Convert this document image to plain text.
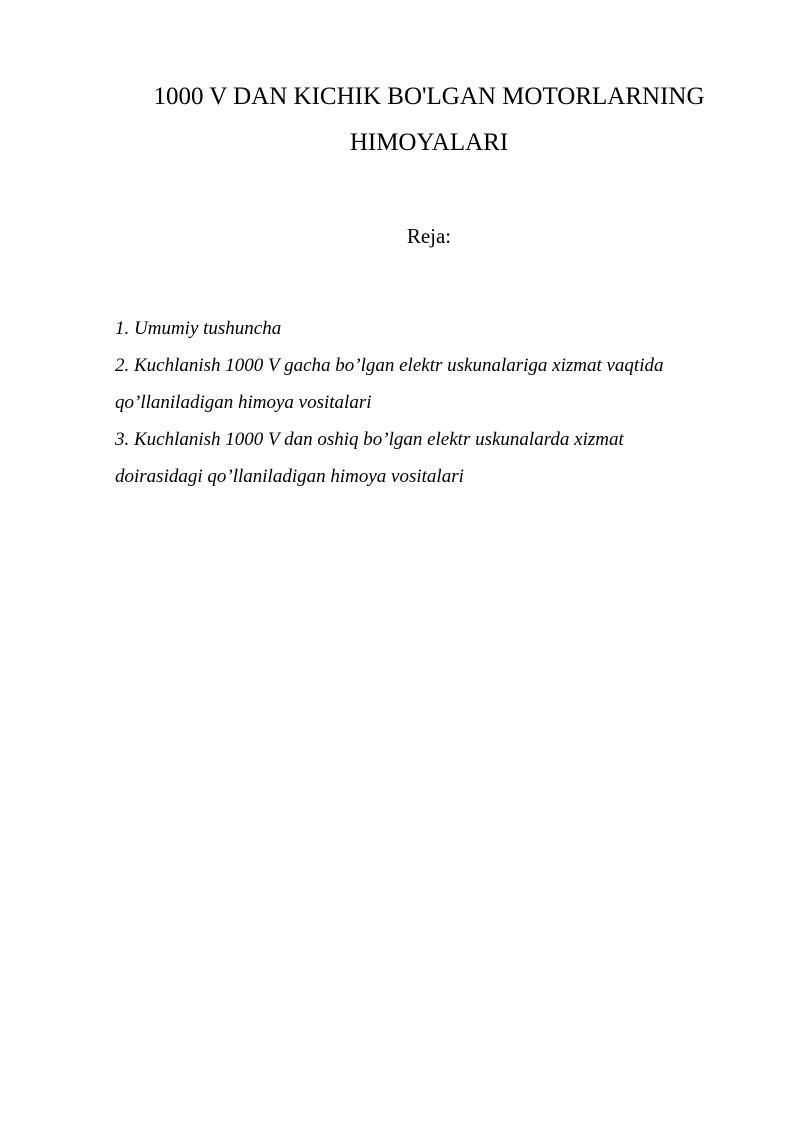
1000 V DAN KICHIK BO'LGAN MOTORLARNING
HIMOYALARI

Reja:

1. Umumiy tushuncha
2. Kuchlanish 1000 V gacha bo’lgan elektr uskunalariga xizmat vaqtida
qo’llaniladigan himoya vositalari
3. Kuchlanish 1000 V dan oshiq bo’lgan elektr uskunalarda xizmat
doirasidagi qo’llaniladigan himoya vositalari
